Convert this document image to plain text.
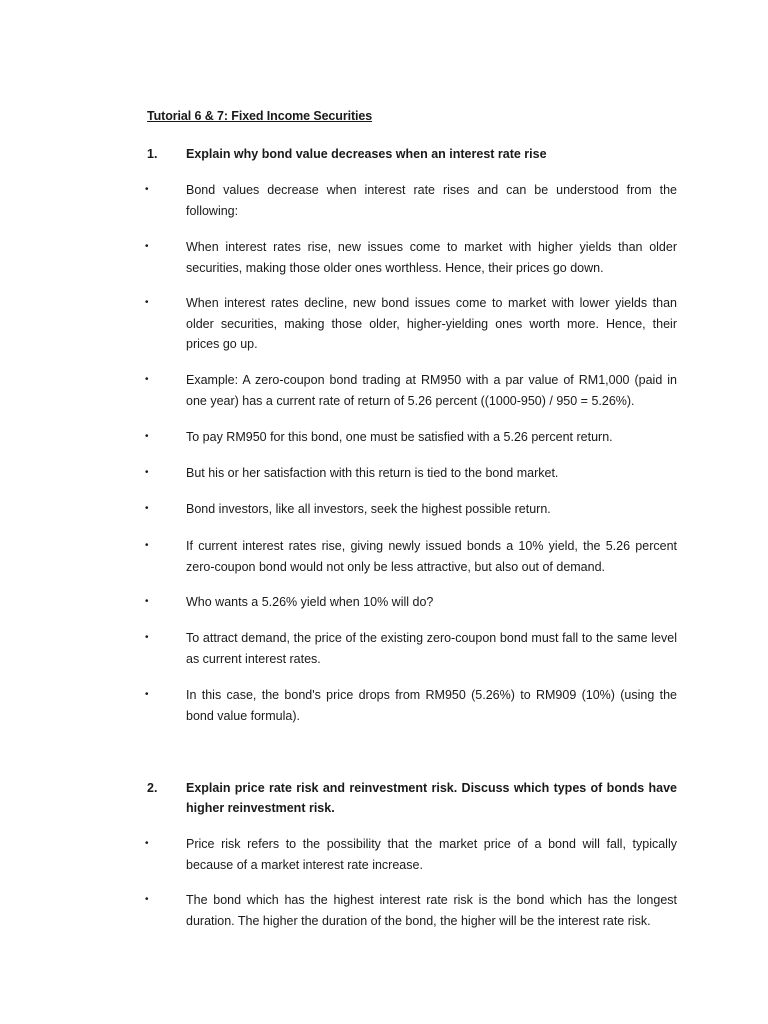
Tutorial 6 & 7: Fixed Income Securities
1. Explain why bond value decreases when an interest rate rise
•	Bond values decrease when interest rate rises and can be understood from the following:
•	When interest rates rise, new issues come to market with higher yields than older securities, making those older ones worthless. Hence, their prices go down.
•	When interest rates decline, new bond issues come to market with lower yields than older securities, making those older, higher-yielding ones worth more. Hence, their prices go up.
•	Example: A zero-coupon bond trading at RM950 with a par value of RM1,000 (paid in one year) has a current rate of return of 5.26 percent ((1000-950) / 950 = 5.26%).
•	To pay RM950 for this bond, one must be satisfied with a 5.26 percent return.
•	But his or her satisfaction with this return is tied to the bond market.
•	Bond investors, like all investors, seek the highest possible return.
•	If current interest rates rise, giving newly issued bonds a 10% yield, the 5.26 percent zero-coupon bond would not only be less attractive, but also out of demand.
•	Who wants a 5.26% yield when 10% will do?
•	To attract demand, the price of the existing zero-coupon bond must fall to the same level as current interest rates.
•	In this case, the bond's price drops from RM950 (5.26%) to RM909 (10%) (using the bond value formula).
2. Explain price rate risk and reinvestment risk. Discuss which types of bonds have higher reinvestment risk.
•	Price risk refers to the possibility that the market price of a bond will fall, typically because of a market interest rate increase.
•	The bond which has the highest interest rate risk is the bond which has the longest duration. The higher the duration of the bond, the higher will be the interest rate risk.
